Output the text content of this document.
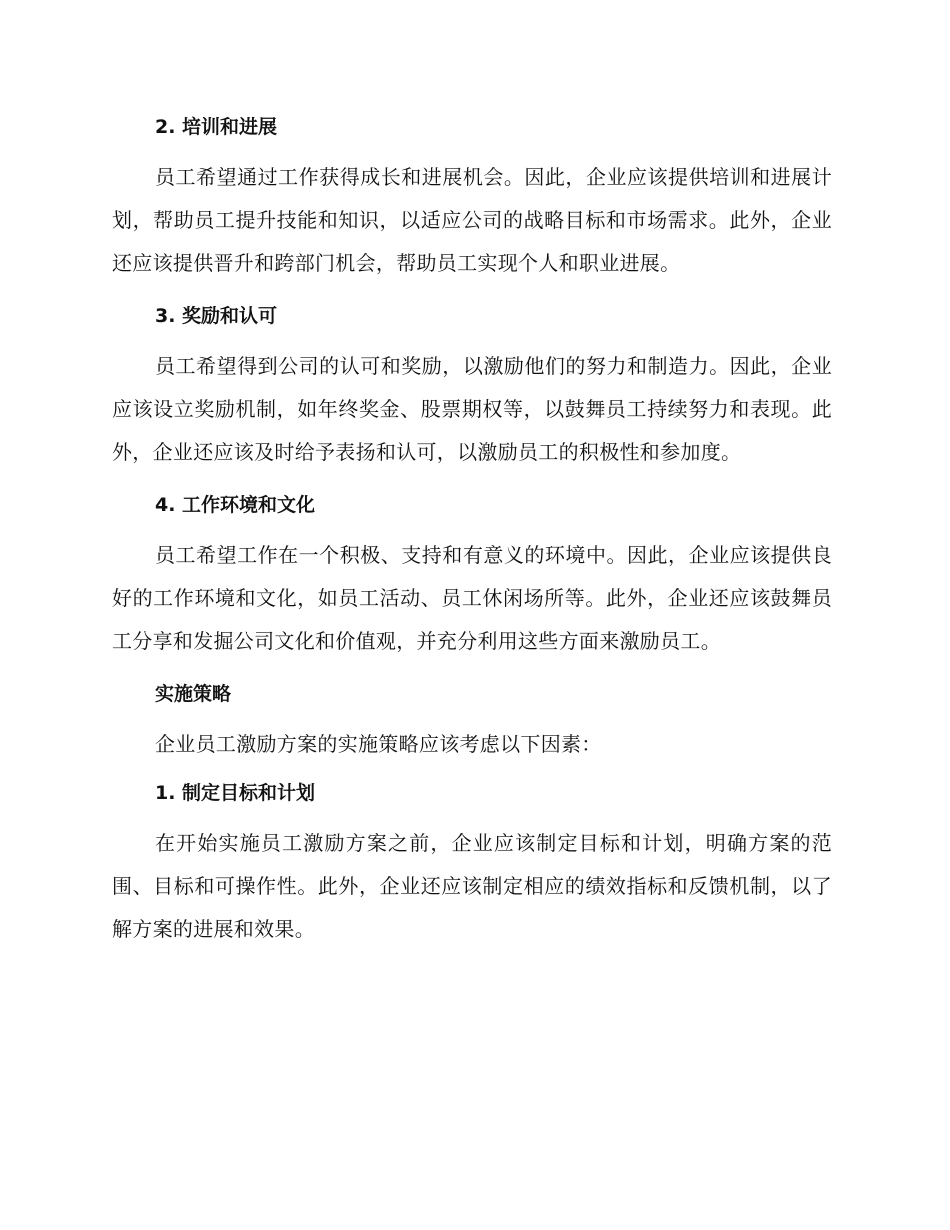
2. 培训和进展

员工希望通过工作获得成长和进展机会。因此，企业应该提供培训和进展计划，帮助员工提升技能和知识，以适应公司的战略目标和市场需求。此外，企业还应该提供晋升和跨部门机会，帮助员工实现个人和职业进展。

3. 奖励和认可

员工希望得到公司的认可和奖励，以激励他们的努力和制造力。因此，企业应该设立奖励机制，如年终奖金、股票期权等，以鼓舞员工持续努力和表现。此外，企业还应该及时给予表扬和认可，以激励员工的积极性和参加度。

4. 工作环境和文化

员工希望工作在一个积极、支持和有意义的环境中。因此，企业应该提供良好的工作环境和文化，如员工活动、员工休闲场所等。此外，企业还应该鼓舞员工分享和发掘公司文化和价值观，并充分利用这些方面来激励员工。

实施策略

企业员工激励方案的实施策略应该考虑以下因素：

1. 制定目标和计划

在开始实施员工激励方案之前，企业应该制定目标和计划，明确方案的范围、目标和可操作性。此外，企业还应该制定相应的绩效指标和反馈机制，以了解方案的进展和效果。
